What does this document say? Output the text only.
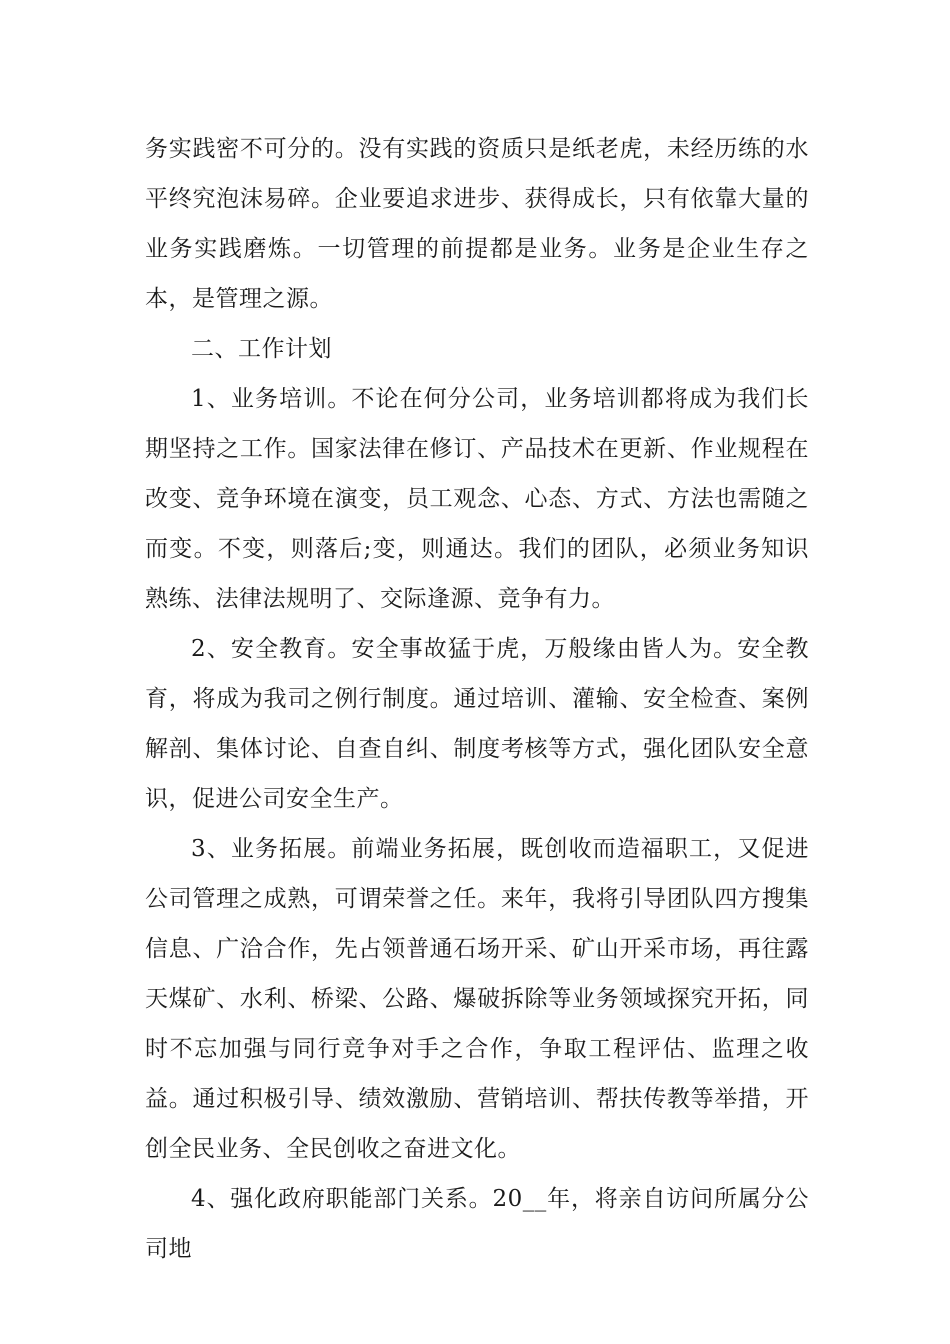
务实践密不可分的。没有实践的资质只是纸老虎，未经历练的水平终究泡沫易碎。企业要追求进步、获得成长，只有依靠大量的业务实践磨炼。一切管理的前提都是业务。业务是企业生存之本，是管理之源。

二、工作计划

1、业务培训。不论在何分公司，业务培训都将成为我们长期坚持之工作。国家法律在修订、产品技术在更新、作业规程在改变、竞争环境在演变，员工观念、心态、方式、方法也需随之而变。不变，则落后;变，则通达。我们的团队，必须业务知识熟练、法律法规明了、交际逢源、竞争有力。

2、安全教育。安全事故猛于虎，万般缘由皆人为。安全教育，将成为我司之例行制度。通过培训、灌输、安全检查、案例解剖、集体讨论、自查自纠、制度考核等方式，强化团队安全意识，促进公司安全生产。

3、业务拓展。前端业务拓展，既创收而造福职工，又促进公司管理之成熟，可谓荣誉之任。来年，我将引导团队四方搜集信息、广洽合作，先占领普通石场开采、矿山开采市场，再往露天煤矿、水利、桥梁、公路、爆破拆除等业务领域探究开拓，同时不忘加强与同行竞争对手之合作，争取工程评估、监理之收益。通过积极引导、绩效激励、营销培训、帮扶传教等举措，开创全民业务、全民创收之奋进文化。

4、强化政府职能部门关系。20__年，将亲自访问所属分公司地
